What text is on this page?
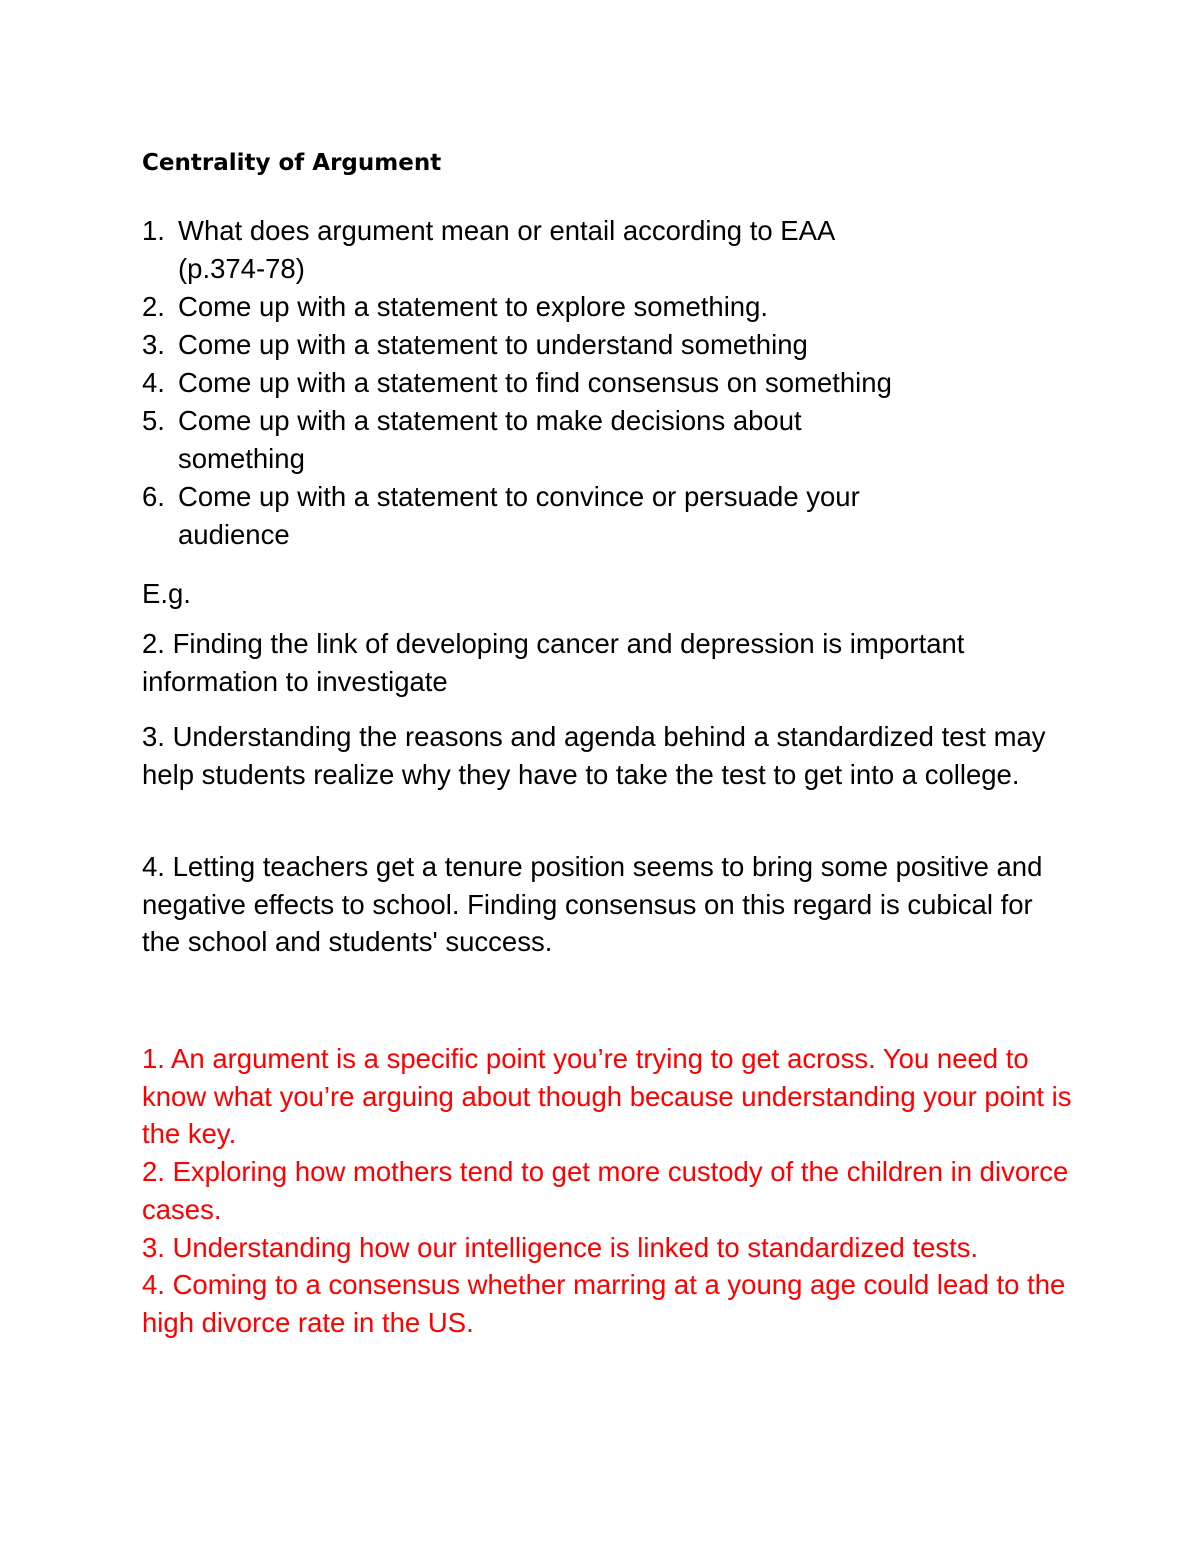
Centrality of Argument
1. What does argument mean or entail according to EAA
(p.374-78)
2. Come up with a statement to explore something.
3. Come up with a statement to understand something
4. Come up with a statement to find consensus on something
5. Come up with a statement to make decisions about
something
6. Come up with a statement to convince or persuade your
audience

E.g.

2. Finding the link of developing cancer and depression is important information to investigate

3. Understanding the reasons and agenda behind a standardized test may help students realize why they have to take the test to get into a college.

4. Letting teachers get a tenure position seems to bring some positive and negative effects to school. Finding consensus on this regard is cubical for the school and students' success.

1. An argument is a specific point you’re trying to get across. You need to know what you’re arguing about though because understanding your point is the key.

2. Exploring how mothers tend to get more custody of the children in divorce cases.

3. Understanding how our intelligence is linked to standardized tests.

4. Coming to a consensus whether marring at a young age could lead to the high divorce rate in the US.
